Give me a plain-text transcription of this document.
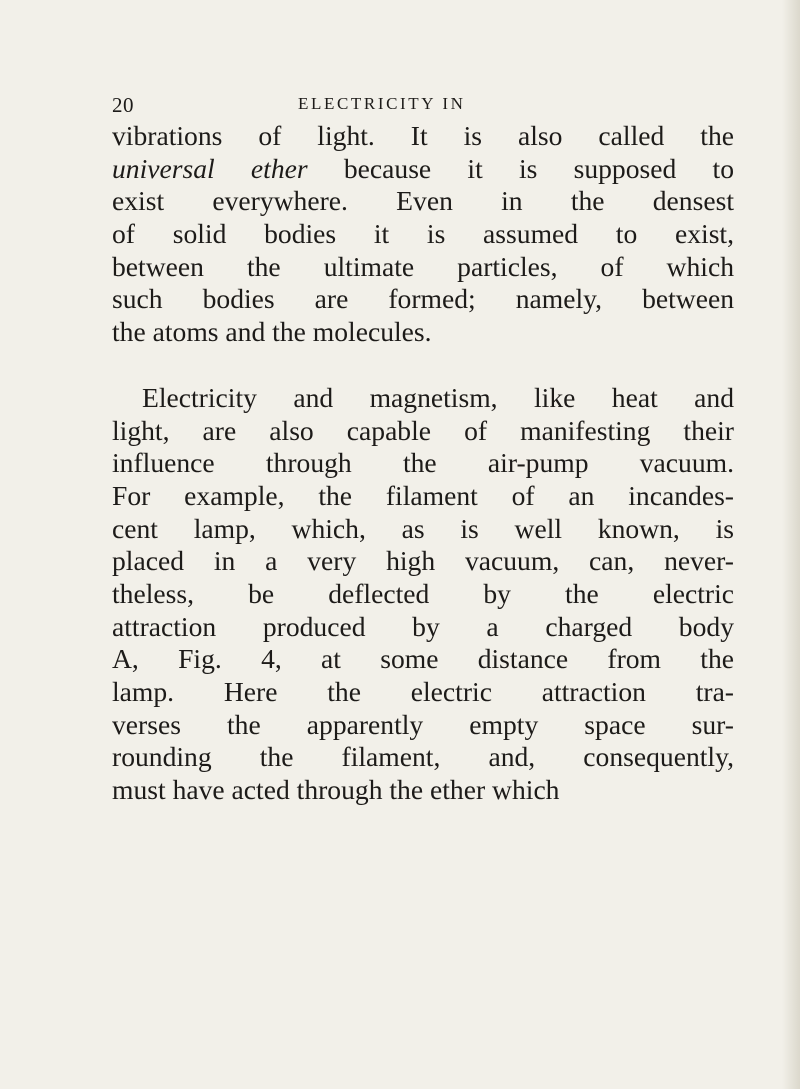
20	ELECTRICITY IN
vibrations of light. It is also called the
universal ether because it is supposed to
exist everywhere. Even in the densest
of solid bodies it is assumed to exist,
between the ultimate particles, of which
such bodies are formed; namely, between
the atoms and the molecules.
Electricity and magnetism, like heat and
light, are also capable of manifesting their
influence through the air-pump vacuum.
For example, the filament of an incandes-
cent lamp, which, as is well known, is
placed in a very high vacuum, can, never-
theless, be deflected by the electric
attraction produced by a charged body
A, Fig. 4, at some distance from the
lamp. Here the electric attraction tra-
verses the apparently empty space sur-
rounding the filament, and, consequently,
must have acted through the ether which
